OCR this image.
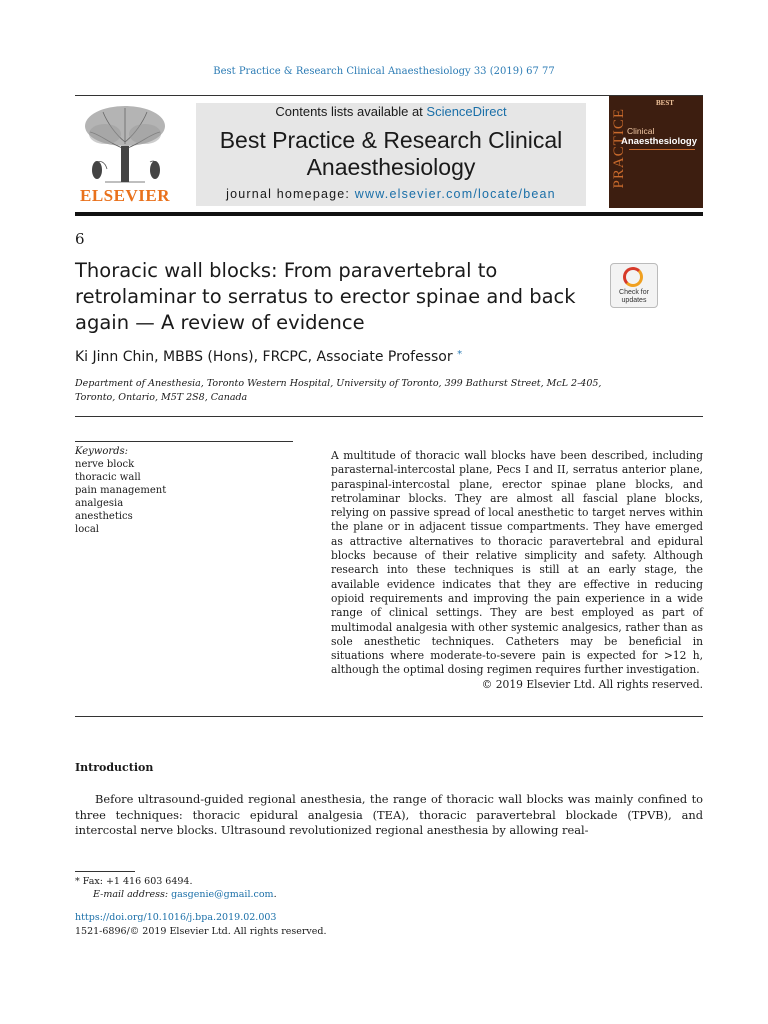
Best Practice & Research Clinical Anaesthesiology 33 (2019) 67 77
ELSEVIER
Contents lists available at ScienceDirect
Best Practice & Research Clinical
Anaesthesiology
journal homepage: www.elsevier.com/locate/bean
BEST
PRACTICE Clinical
Anaesthesiology
6
Thoracic wall blocks: From paravertebral to retrolaminar to serratus to erector spinae and back again — A review of evidence
Check for
updates
Ki Jinn Chin, MBBS (Hons), FRCPC, Associate Professor *
Department of Anesthesia, Toronto Western Hospital, University of Toronto, 399 Bathurst Street, McL 2-405,
Toronto, Ontario, M5T 2S8, Canada
Keywords:
nerve block
thoracic wall
pain management
analgesia
anesthetics
local
A multitude of thoracic wall blocks have been described, including parasternal-intercostal plane, Pecs I and II, serratus anterior plane, paraspinal-intercostal plane, erector spinae plane blocks, and retrolaminar blocks. They are almost all fascial plane blocks, relying on passive spread of local anesthetic to target nerves within the plane or in adjacent tissue compartments. They have emerged as attractive alternatives to thoracic paravertebral and epidural blocks because of their relative simplicity and safety. Although research into these techniques is still at an early stage, the available evidence indicates that they are effective in reducing opioid requirements and improving the pain experience in a wide range of clinical settings. They are best employed as part of multimodal analgesia with other systemic analgesics, rather than as sole anesthetic techniques. Catheters may be beneficial in situations where moderate-to-severe pain is expected for >12 h, although the optimal dosing regimen requires further investigation.
© 2019 Elsevier Ltd. All rights reserved.
Introduction
Before ultrasound-guided regional anesthesia, the range of thoracic wall blocks was mainly confined to three techniques: thoracic epidural analgesia (TEA), thoracic paravertebral blockade (TPVB), and intercostal nerve blocks. Ultrasound revolutionized regional anesthesia by allowing real-
* Fax: +1 416 603 6494.
E-mail address: gasgenie@gmail.com.
https://doi.org/10.1016/j.bpa.2019.02.003
1521-6896/© 2019 Elsevier Ltd. All rights reserved.
